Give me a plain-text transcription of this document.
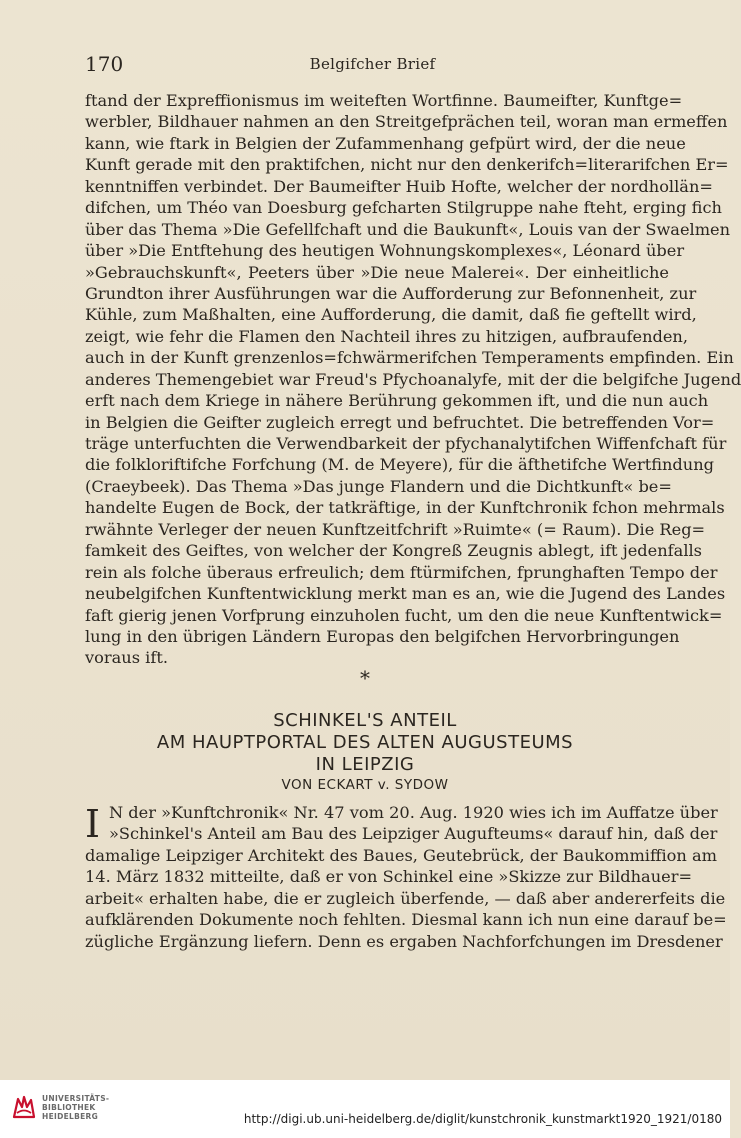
170	Belgifcher Brief
ftand der Expreffionismus im weiteften Wortfinne. Baumeifter, Kunftge=
werbler, Bildhauer nahmen an den Streitgefprächen teil, woran man ermeffen
kann, wie ftark in Belgien der Zufammenhang gefpürt wird, der die neue
Kunft gerade mit den praktifchen, nicht nur den denkerifch=literarifchen Er=
kenntniffen verbindet. Der Baumeifter Huib Hofte, welcher der nordhollän=
difchen, um Théo van Doesburg gefcharten Stilgruppe nahe fteht, erging fich
über das Thema »Die Gefellfchaft und die Baukunft«, Louis van der Swaelmen
über »Die Entftehung des heutigen Wohnungskomplexes«, Léonard über
»Gebrauchskunft«, Peeters über »Die neue Malerei«. Der einheitliche
Grundton ihrer Ausführungen war die Aufforderung zur Befonnenheit, zur
Kühle, zum Maßhalten, eine Aufforderung, die damit, daß fie geftellt wird,
zeigt, wie fehr die Flamen den Nachteil ihres zu hitzigen, aufbraufenden,
auch in der Kunft grenzenlos=fchwärmerifchen Temperaments empfinden. Ein
anderes Themengebiet war Freud's Pfychoanalyfe, mit der die belgifche Jugend
erft nach dem Kriege in nähere Berührung gekommen ift, und die nun auch
in Belgien die Geifter zugleich erregt und befruchtet. Die betreffenden Vor=
träge unterfuchten die Verwendbarkeit der pfychanalytifchen Wiffenfchaft für
die folkloriftifche Forfchung (M. de Meyere), für die äfthetifche Wertfindung
(Craeybeek). Das Thema »Das junge Flandern und die Dichtkunft« be=
handelte Eugen de Bock, der tatkräftige, in der Kunftchronik fchon mehrmals
rwähnte Verleger der neuen Kunftzeitfchrift »Ruimte« (= Raum). Die Reg=
famkeit des Geiftes, von welcher der Kongreß Zeugnis ablegt, ift jedenfalls
rein als folche überaus erfreulich; dem ftürmifchen, fprunghaften Tempo der
neubelgifchen Kunftentwicklung merkt man es an, wie die Jugend des Landes
faft gierig jenen Vorfprung einzuholen fucht, um den die neue Kunftentwick=
lung in den übrigen Ländern Europas den belgifchen Hervorbringungen
voraus ift.
*
SCHINKEL'S ANTEIL
AM HAUPTPORTAL DES ALTEN AUGUSTEUMS
IN LEIPZIG
VON ECKART v. SYDOW
I N der »Kunftchronik« Nr. 47 vom 20. Aug. 1920 wies ich im Auffatze über
»Schinkel's Anteil am Bau des Leipziger Augufteums« darauf hin, daß der
damalige Leipziger Architekt des Baues, Geutebrück, der Baukommiffion am
14. März 1832 mitteilte, daß er von Schinkel eine »Skizze zur Bildhauer=
arbeit« erhalten habe, die er zugleich überfende, — daß aber andererfeits die
aufklärenden Dokumente noch fehlten. Diesmal kann ich nun eine darauf be=
zügliche Ergänzung liefern. Denn es ergaben Nachforfchungen im Dresdener
UNIVERSITÄTS-
BIBLIOTHEK
HEIDELBERG	http://digi.ub.uni-heidelberg.de/diglit/kunstchronik_kunstmarkt1920_1921/0180
